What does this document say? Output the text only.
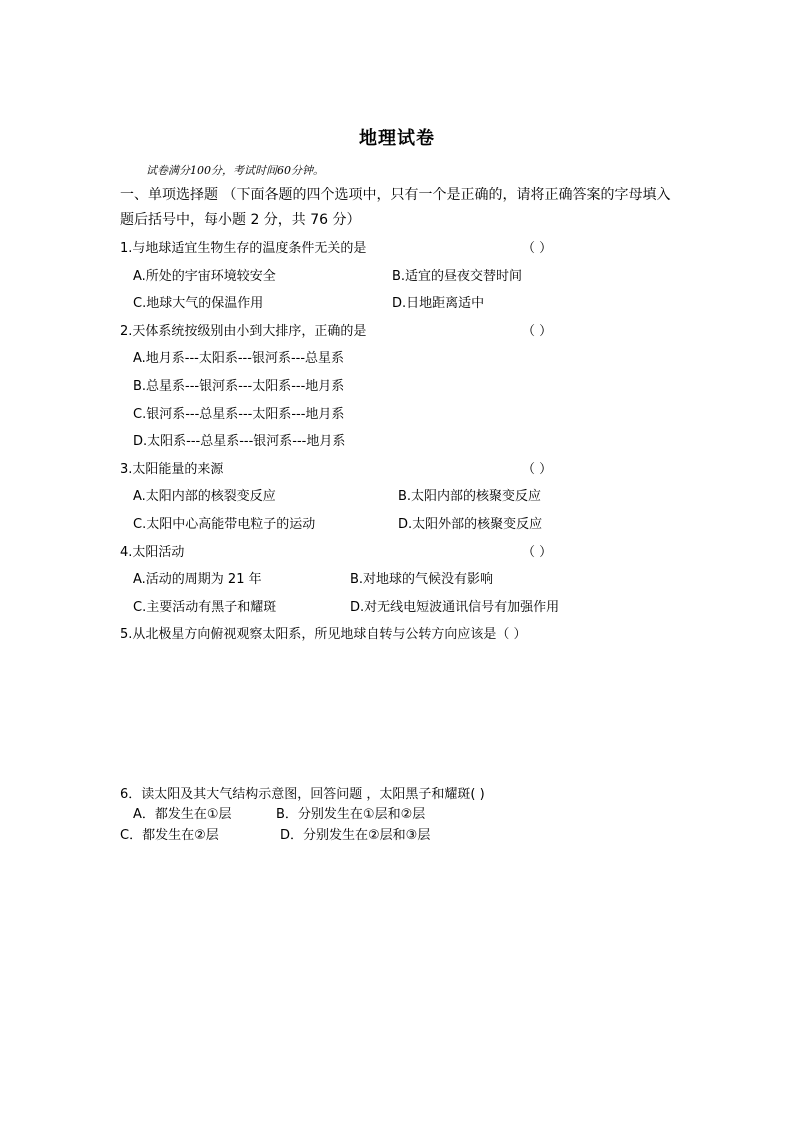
地理试卷
试卷满分100分，考试时间60分钟。
一、单项选择题 （下面各题的四个选项中，只有一个是正确的，请将正确答案的字母填入
题后括号中，每小题 2 分，共 76 分）
1.与地球适宜生物生存的温度条件无关的是	（ ）
A.所处的宇宙环境较安全	B.适宜的昼夜交替时间
C.地球大气的保温作用	D.日地距离适中
2.天体系统按级别由小到大排序，正确的是	（ ）
A.地月系---太阳系---银河系---总星系
B.总星系---银河系---太阳系---地月系
C.银河系---总星系---太阳系---地月系
D.太阳系---总星系---银河系---地月系
3.太阳能量的来源	（ ）
A.太阳内部的核裂变反应	B.太阳内部的核聚变反应
C.太阳中心高能带电粒子的运动	D.太阳外部的核聚变反应
4.太阳活动	（ ）
A.活动的周期为 21 年	B.对地球的气候没有影响
C.主要活动有黑子和耀斑	D.对无线电短波通讯信号有加强作用
5.从北极星方向俯视观察太阳系，所见地球自转与公转方向应该是（ ）
6．读太阳及其大气结构示意图，回答问题 ，太阳黑子和耀斑( )
A．都发生在①层	B．分别发生在①层和②层
C．都发生在②层	D．分别发生在②层和③层
